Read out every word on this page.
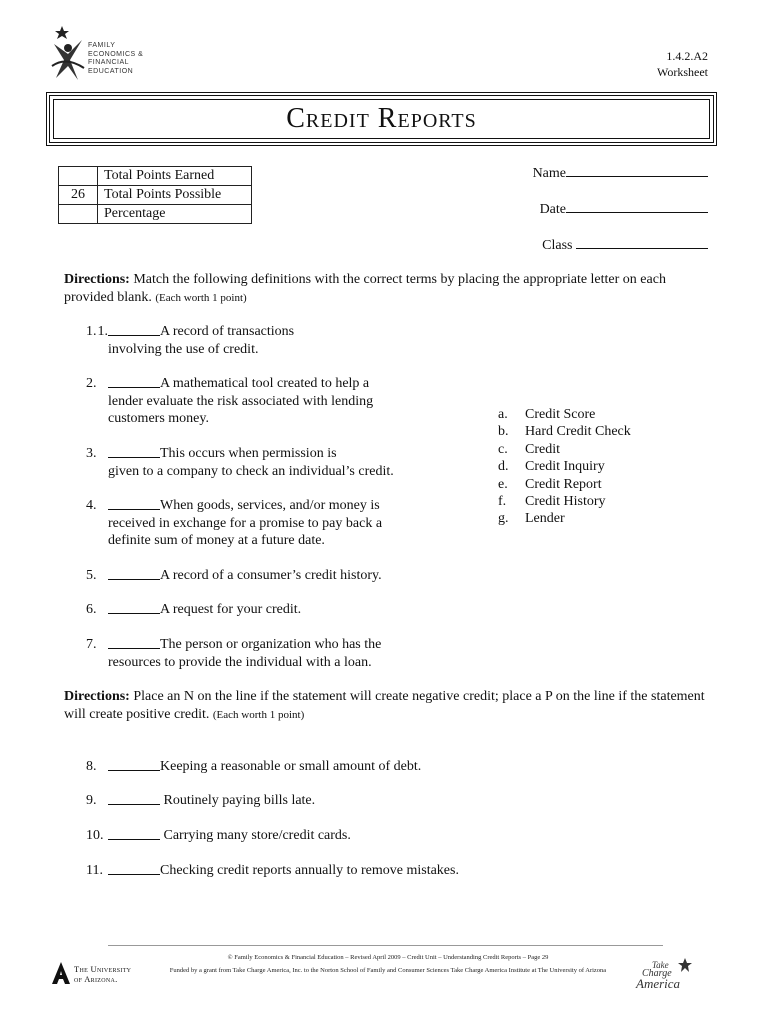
FAMILY
ECONOMICS &
FINANCIAL
EDUCATION
1.4.2.A2
Worksheet
Credit Reports
	Total Points Earned
26	Total Points Possible
	Percentage
Name
Date
Class
Directions: Match the following definitions with the correct terms by placing the appropriate letter on each provided blank. (Each worth 1 point)
1.
1.	A record of transactions
involving the use of credit.
2.	A mathematical tool created to help a
lender evaluate the risk associated with lending customers money.
3.	This occurs when permission is
given to a company to check an individual’s credit.
4.	When goods, services, and/or money is
received in exchange for a promise to pay back a definite sum of money at a future date.
5.	A record of a consumer’s credit history.
6.	A request for your credit.
7.	The person or organization who has the
resources to provide the individual with a loan.
a.	Credit Score
b.	Hard Credit Check
c.	Credit
d.	Credit Inquiry
e.	Credit Report
f.	Credit History
g.	Lender
Directions: Place an N on the line if the statement will create negative credit; place a P on the line if the statement will create positive credit. (Each worth 1 point)
8.	Keeping a reasonable or small amount of debt.
9.	Routinely paying bills late.
10.	Carrying many store/credit cards.
11.	Checking credit reports annually to remove mistakes.
© Family Economics & Financial Education – Revised April 2009 – Credit Unit – Understanding Credit Reports – Page 29
Funded by a grant from Take Charge America, Inc. to the Norton School of Family and Consumer Sciences Take Charge America Institute at The University of Arizona
The University
of Arizona.
Take
Charge
America
